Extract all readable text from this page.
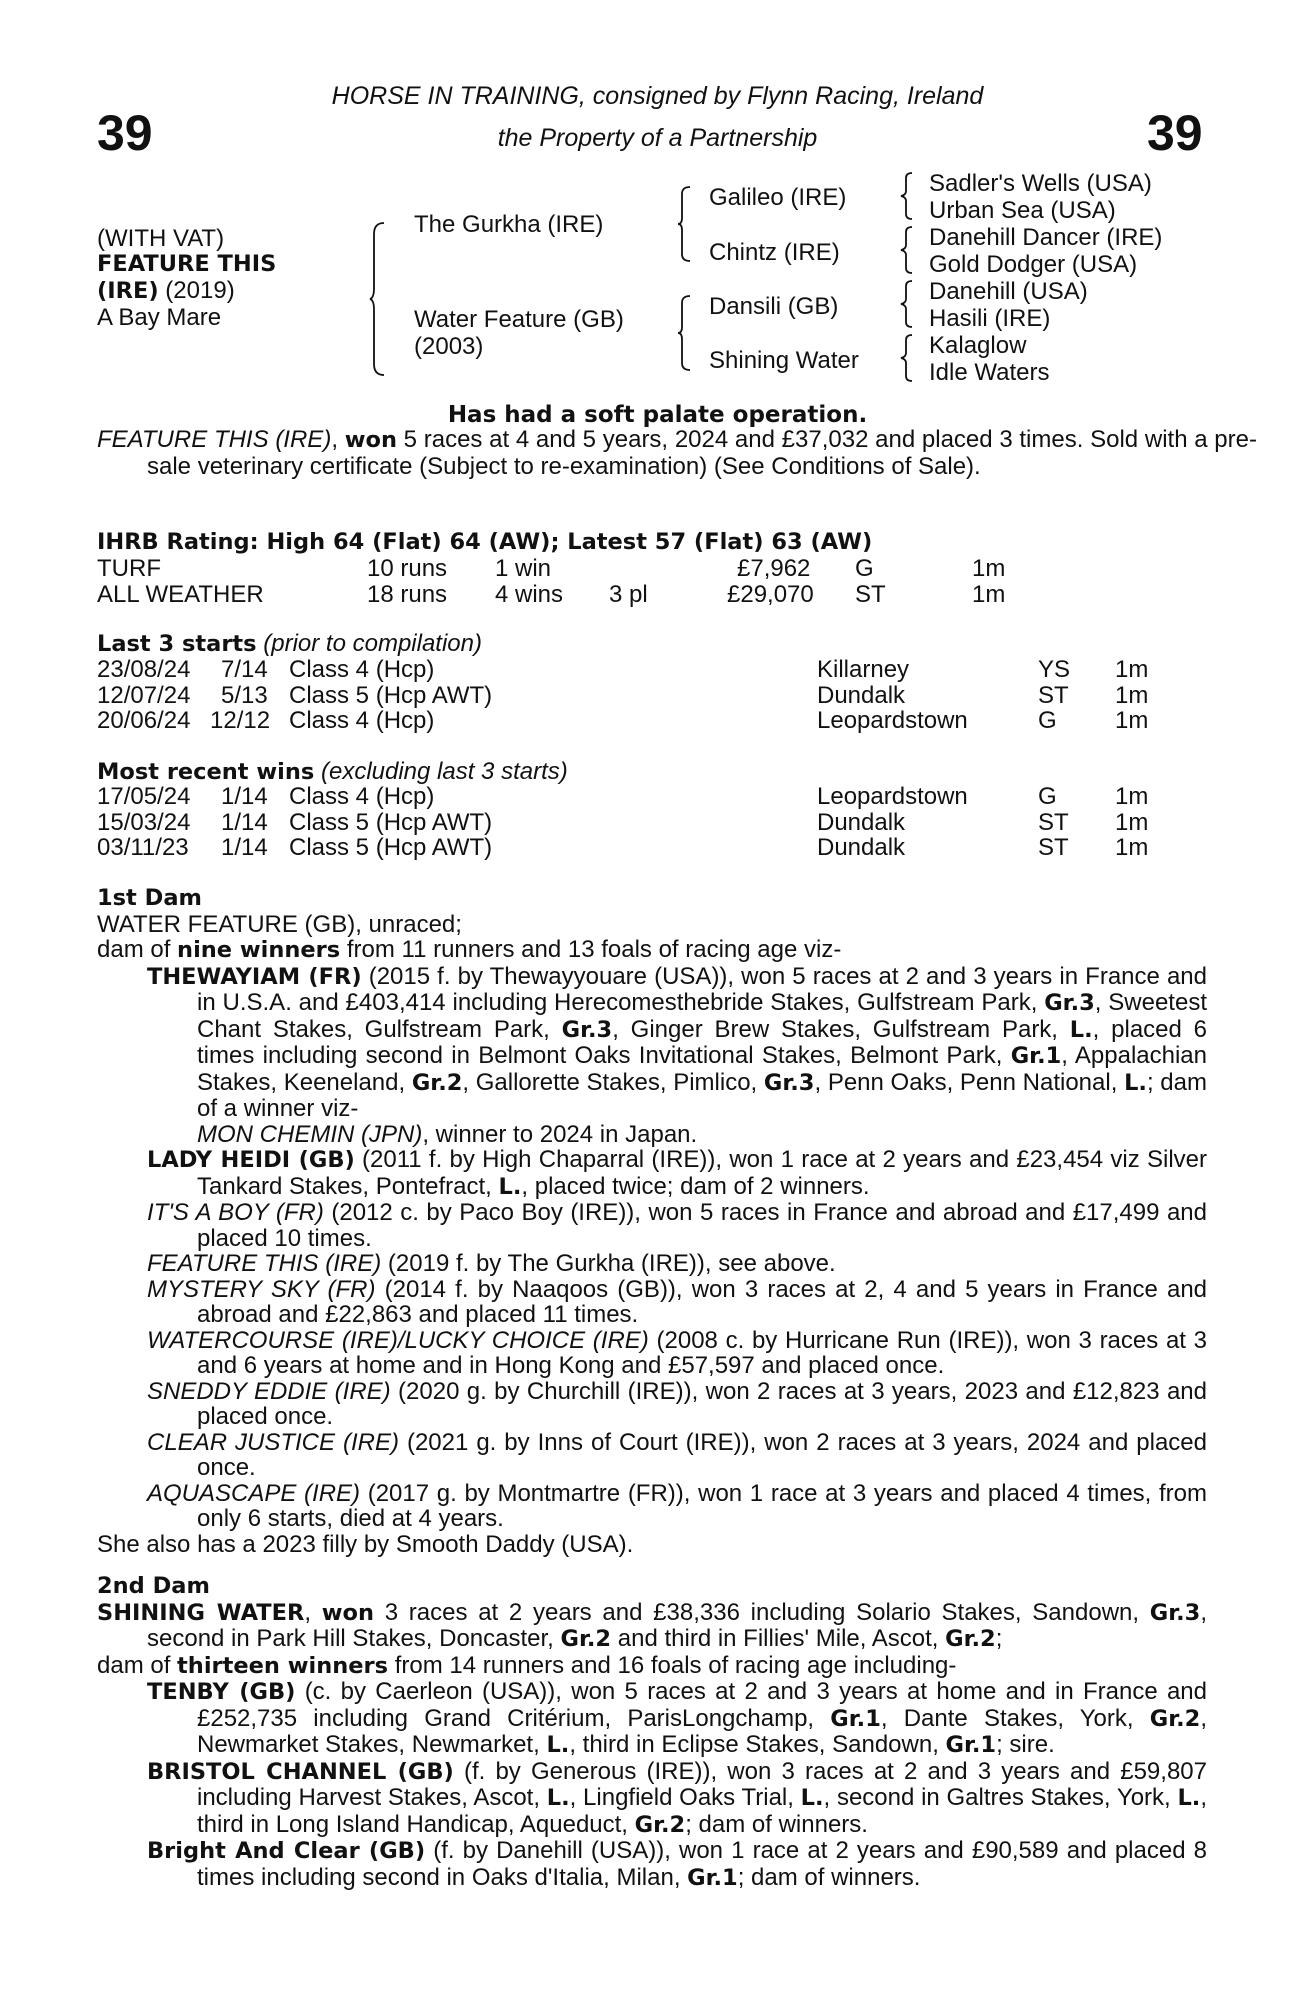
39	39
HORSE IN TRAINING, consigned by Flynn Racing, Ireland
the Property of a Partnership
(WITH VAT)
FEATURE THIS
(IRE) (2019)
A Bay Mare
The Gurkha (IRE)
Water Feature (GB)
(2003)
Galileo (IRE)
Chintz (IRE)
Dansili (GB)
Shining Water
Sadler's Wells (USA)
Urban Sea (USA)
Danehill Dancer (IRE)
Gold Dodger (USA)
Danehill (USA)
Hasili (IRE)
Kalaglow
Idle Waters
Has had a soft palate operation.
FEATURE THIS (IRE), won 5 races at 4 and 5 years, 2024 and £37,032 and placed 3 times. Sold with a pre-sale veterinary certificate (Subject to re-examination) (See Conditions of Sale).
IHRB Rating: High 64 (Flat) 64 (AW); Latest 57 (Flat) 63 (AW)
TURF	10 runs 1 win	£7,962 G	1m
ALL WEATHER	18 runs 4 wins 3 pl	£29,070 ST	1m
Last 3 starts (prior to compilation)
23/08/24 7/14 Class 4 (Hcp)	Killarney	YS 1m
12/07/24 5/13 Class 5 (Hcp AWT)	Dundalk	ST 1m
20/06/24 12/12 Class 4 (Hcp)	Leopardstown	G 1m
Most recent wins (excluding last 3 starts)
17/05/24 1/14 Class 4 (Hcp)	Leopardstown	G 1m
15/03/24 1/14 Class 5 (Hcp AWT)	Dundalk	ST 1m
03/11/23 1/14 Class 5 (Hcp AWT)	Dundalk	ST 1m
1st Dam
WATER FEATURE (GB), unraced;
dam of nine winners from 11 runners and 13 foals of racing age viz-
THEWAYIAM (FR) (2015 f. by Thewayyouare (USA)), won 5 races at 2 and 3 years in France and in U.S.A. and £403,414 including Herecomesthebride Stakes, Gulfstream Park, Gr.3, Sweetest Chant Stakes, Gulfstream Park, Gr.3, Ginger Brew Stakes, Gulfstream Park, L., placed 6 times including second in Belmont Oaks Invitational Stakes, Belmont Park, Gr.1, Appalachian Stakes, Keeneland, Gr.2, Gallorette Stakes, Pimlico, Gr.3, Penn Oaks, Penn National, L.; dam of a winner viz-
MON CHEMIN (JPN), winner to 2024 in Japan.
LADY HEIDI (GB) (2011 f. by High Chaparral (IRE)), won 1 race at 2 years and £23,454 viz Silver Tankard Stakes, Pontefract, L., placed twice; dam of 2 winners.
IT'S A BOY (FR) (2012 c. by Paco Boy (IRE)), won 5 races in France and abroad and £17,499 and placed 10 times.
FEATURE THIS (IRE) (2019 f. by The Gurkha (IRE)), see above.
MYSTERY SKY (FR) (2014 f. by Naaqoos (GB)), won 3 races at 2, 4 and 5 years in France and abroad and £22,863 and placed 11 times.
WATERCOURSE (IRE)/LUCKY CHOICE (IRE) (2008 c. by Hurricane Run (IRE)), won 3 races at 3 and 6 years at home and in Hong Kong and £57,597 and placed once.
SNEDDY EDDIE (IRE) (2020 g. by Churchill (IRE)), won 2 races at 3 years, 2023 and £12,823 and placed once.
CLEAR JUSTICE (IRE) (2021 g. by Inns of Court (IRE)), won 2 races at 3 years, 2024 and placed once.
AQUASCAPE (IRE) (2017 g. by Montmartre (FR)), won 1 race at 3 years and placed 4 times, from only 6 starts, died at 4 years.
She also has a 2023 filly by Smooth Daddy (USA).
2nd Dam
SHINING WATER, won 3 races at 2 years and £38,336 including Solario Stakes, Sandown, Gr.3, second in Park Hill Stakes, Doncaster, Gr.2 and third in Fillies' Mile, Ascot, Gr.2;
dam of thirteen winners from 14 runners and 16 foals of racing age including-
TENBY (GB) (c. by Caerleon (USA)), won 5 races at 2 and 3 years at home and in France and £252,735 including Grand Critérium, ParisLongchamp, Gr.1, Dante Stakes, York, Gr.2, Newmarket Stakes, Newmarket, L., third in Eclipse Stakes, Sandown, Gr.1; sire.
BRISTOL CHANNEL (GB) (f. by Generous (IRE)), won 3 races at 2 and 3 years and £59,807 including Harvest Stakes, Ascot, L., Lingfield Oaks Trial, L., second in Galtres Stakes, York, L., third in Long Island Handicap, Aqueduct, Gr.2; dam of winners.
Bright And Clear (GB) (f. by Danehill (USA)), won 1 race at 2 years and £90,589 and placed 8 times including second in Oaks d'Italia, Milan, Gr.1; dam of winners.
